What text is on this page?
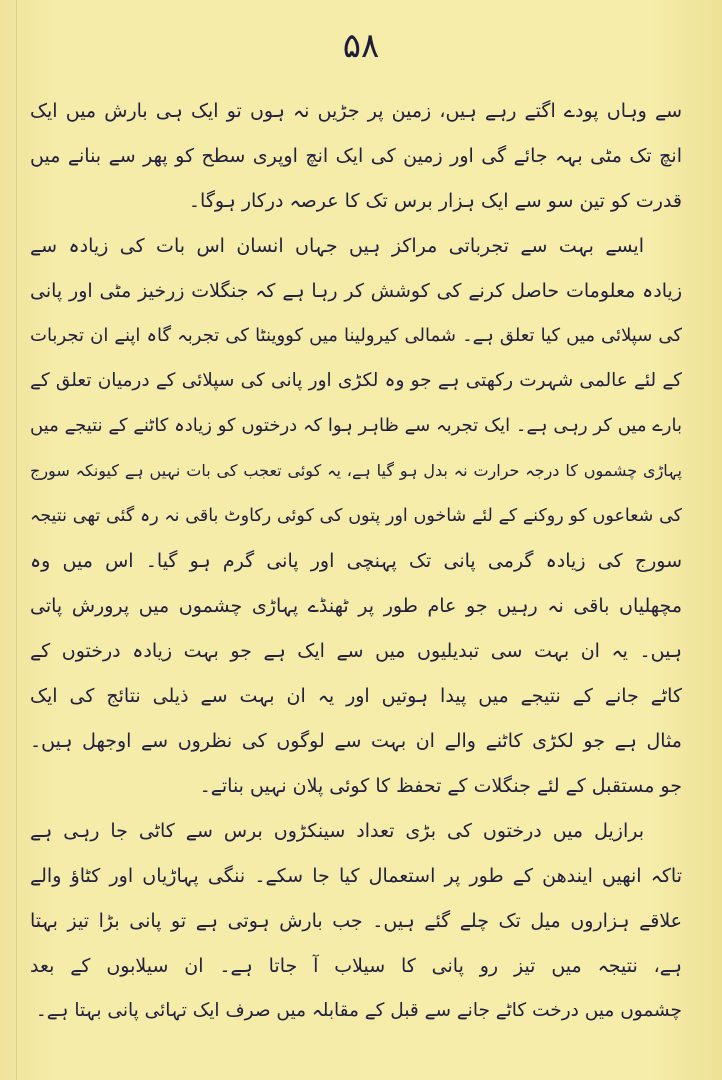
۵۸
سے وہاں پودے اگتے رہے ہیں، زمین پر جڑیں نہ ہوں تو ایک ہی بارش میں ایک
انچ تک مٹی بہہ جائے گی اور زمین کی ایک انچ اوپری سطح کو پھر سے بنانے میں
قدرت کو تین سو سے ایک ہزار برس تک کا عرصہ درکار ہوگا۔
ایسے بہت سے تجرباتی مراکز ہیں جہاں انسان اس بات کی زیادہ سے
زیادہ معلومات حاصل کرنے کی کوشش کر رہا ہے کہ جنگلات زرخیز مٹی اور پانی
کی سپلائی میں کیا تعلق ہے۔ شمالی کیرولینا میں کووینٹا کی تجربہ گاہ اپنے ان تجربات
کے لئے عالمی شہرت رکھتی ہے جو وہ لکڑی اور پانی کی سپلائی کے درمیان تعلق کے
بارے میں کر رہی ہے۔ ایک تجربہ سے ظاہر ہوا کہ درختوں کو زیادہ کاٹنے کے نتیجے میں
پہاڑی چشموں کا درجہ حرارت نہ بدل ہو گیا ہے، یہ کوئی تعجب کی بات نہیں ہے کیونکہ سورج
کی شعاعوں کو روکنے کے لئے شاخوں اور پتوں کی کوئی رکاوٹ باقی نہ رہ گئی تھی نتیجہ
سورج کی زیادہ گرمی پانی تک پہنچی اور پانی گرم ہو گیا۔ اس میں وہ
مچھلیاں باقی نہ رہیں جو عام طور پر ٹھنڈے پہاڑی چشموں میں پرورش پاتی
ہیں۔ یہ ان بہت سی تبدیلیوں میں سے ایک ہے جو بہت زیادہ درختوں کے
کاٹے جانے کے نتیجے میں پیدا ہوتیں اور یہ ان بہت سے ذیلی نتائج کی ایک
مثال ہے جو لکڑی کاٹنے والے ان بہت سے لوگوں کی نظروں سے اوجھل ہیں۔
جو مستقبل کے لئے جنگلات کے تحفظ کا کوئی پلان نہیں بناتے۔
برازیل میں درختوں کی بڑی تعداد سینکڑوں برس سے کاٹی جا رہی ہے
تاکہ انھیں ایندھن کے طور پر استعمال کیا جا سکے۔ ننگی پہاڑیاں اور کٹاؤ والے
علاقے ہزاروں میل تک چلے گئے ہیں۔ جب بارش ہوتی ہے تو پانی بڑا تیز بہتا
ہے، نتیجہ میں تیز رو پانی کا سیلاب آ جاتا ہے۔ ان سیلابوں کے بعد
چشموں میں درخت کاٹے جانے سے قبل کے مقابلہ میں صرف ایک تہائی پانی بہتا ہے۔
